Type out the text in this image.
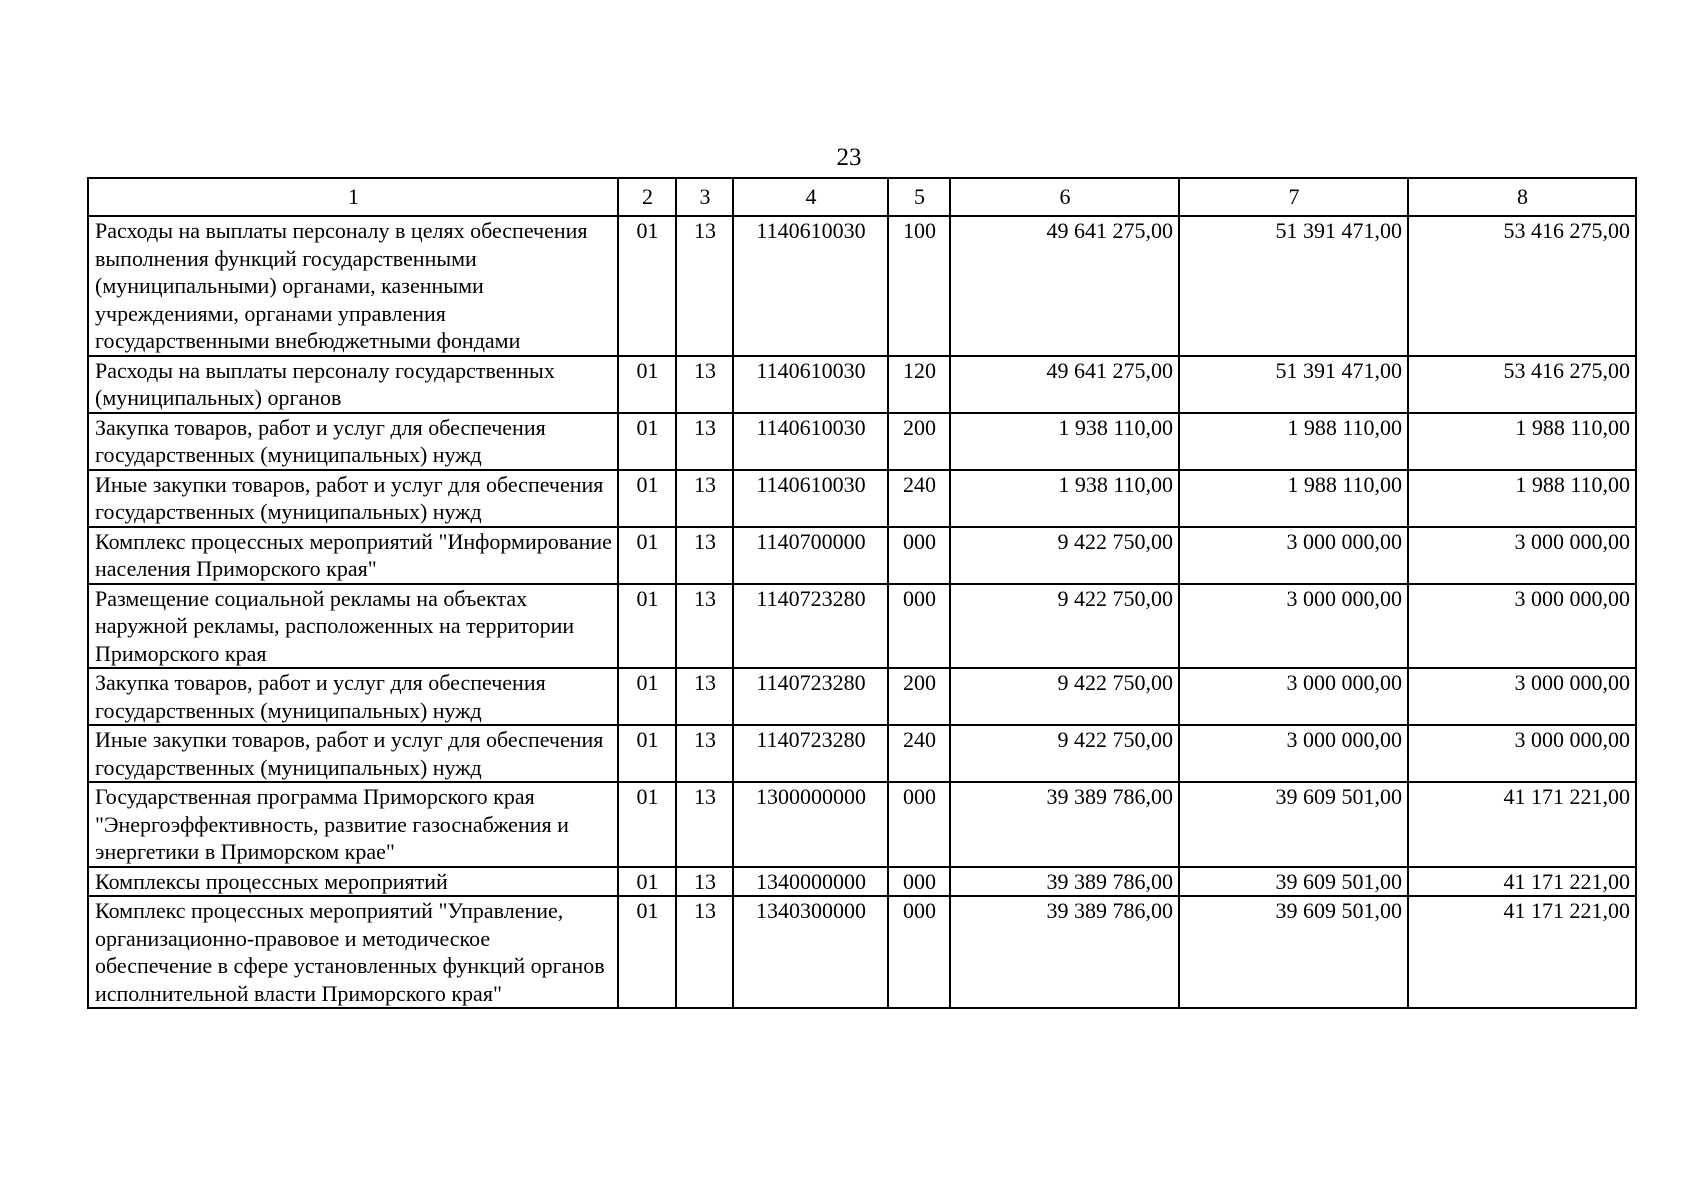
23
1	2	3	4	5	6	7	8
Расходы на выплаты персоналу в целях обеспечения выполнения функций государственными (муниципальными) органами, казенными учреждениями, органами управления государственными внебюджетными фондами	01	13	1140610030	100	49 641 275,00	51 391 471,00	53 416 275,00
Расходы на выплаты персоналу государственных (муниципальных) органов	01	13	1140610030	120	49 641 275,00	51 391 471,00	53 416 275,00
Закупка товаров, работ и услуг для обеспечения государственных (муниципальных) нужд	01	13	1140610030	200	1 938 110,00	1 988 110,00	1 988 110,00
Иные закупки товаров, работ и услуг для обеспечения государственных (муниципальных) нужд	01	13	1140610030	240	1 938 110,00	1 988 110,00	1 988 110,00
Комплекс процессных мероприятий "Информирование населения Приморского края"	01	13	1140700000	000	9 422 750,00	3 000 000,00	3 000 000,00
Размещение социальной рекламы на объектах наружной рекламы, расположенных на территории Приморского края	01	13	1140723280	000	9 422 750,00	3 000 000,00	3 000 000,00
Закупка товаров, работ и услуг для обеспечения государственных (муниципальных) нужд	01	13	1140723280	200	9 422 750,00	3 000 000,00	3 000 000,00
Иные закупки товаров, работ и услуг для обеспечения государственных (муниципальных) нужд	01	13	1140723280	240	9 422 750,00	3 000 000,00	3 000 000,00
Государственная программа Приморского края "Энергоэффективность, развитие газоснабжения и энергетики в Приморском крае"	01	13	1300000000	000	39 389 786,00	39 609 501,00	41 171 221,00
Комплексы процессных мероприятий	01	13	1340000000	000	39 389 786,00	39 609 501,00	41 171 221,00
Комплекс процессных мероприятий "Управление, организационно-правовое и методическое обеспечение в сфере установленных функций органов исполнительной власти Приморского края"	01	13	1340300000	000	39 389 786,00	39 609 501,00	41 171 221,00
